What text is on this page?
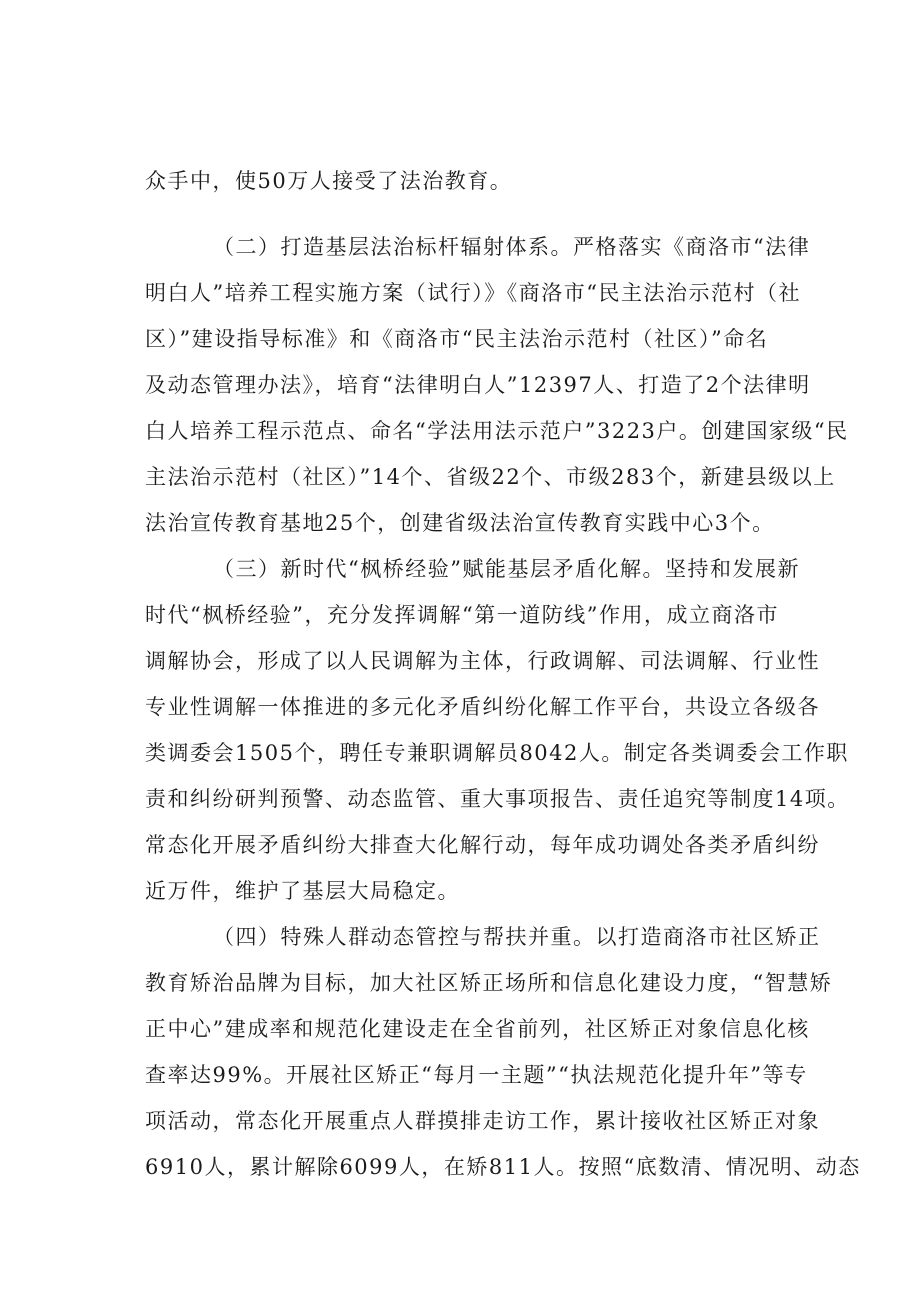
众手中，使50万人接受了法治教育。
（二）打造基层法治标杆辐射体系。严格落实《商洛市“法律
明白人”培养工程实施方案（试行）》《商洛市“民主法治示范村（社
区）”建设指导标准》和《商洛市“民主法治示范村（社区）”命名
及动态管理办法》，培育“法律明白人”12397人、打造了2个法律明
白人培养工程示范点、命名“学法用法示范户”3223户。创建国家级“民
主法治示范村（社区）”14个、省级22个、市级283个，新建县级以上
法治宣传教育基地25个，创建省级法治宣传教育实践中心3个。
（三）新时代“枫桥经验”赋能基层矛盾化解。坚持和发展新
时代“枫桥经验”，充分发挥调解“第一道防线”作用，成立商洛市
调解协会，形成了以人民调解为主体，行政调解、司法调解、行业性
专业性调解一体推进的多元化矛盾纠纷化解工作平台，共设立各级各
类调委会1505个，聘任专兼职调解员8042人。制定各类调委会工作职
责和纠纷研判预警、动态监管、重大事项报告、责任追究等制度14项。
常态化开展矛盾纠纷大排查大化解行动，每年成功调处各类矛盾纠纷
近万件，维护了基层大局稳定。
（四）特殊人群动态管控与帮扶并重。以打造商洛市社区矫正
教育矫治品牌为目标，加大社区矫正场所和信息化建设力度，“智慧矫
正中心”建成率和规范化建设走在全省前列，社区矫正对象信息化核
查率达99%。开展社区矫正“每月一主题”“执法规范化提升年”等专
项活动，常态化开展重点人群摸排走访工作，累计接收社区矫正对象
6910人，累计解除6099人，在矫811人。按照“底数清、情况明、动态
